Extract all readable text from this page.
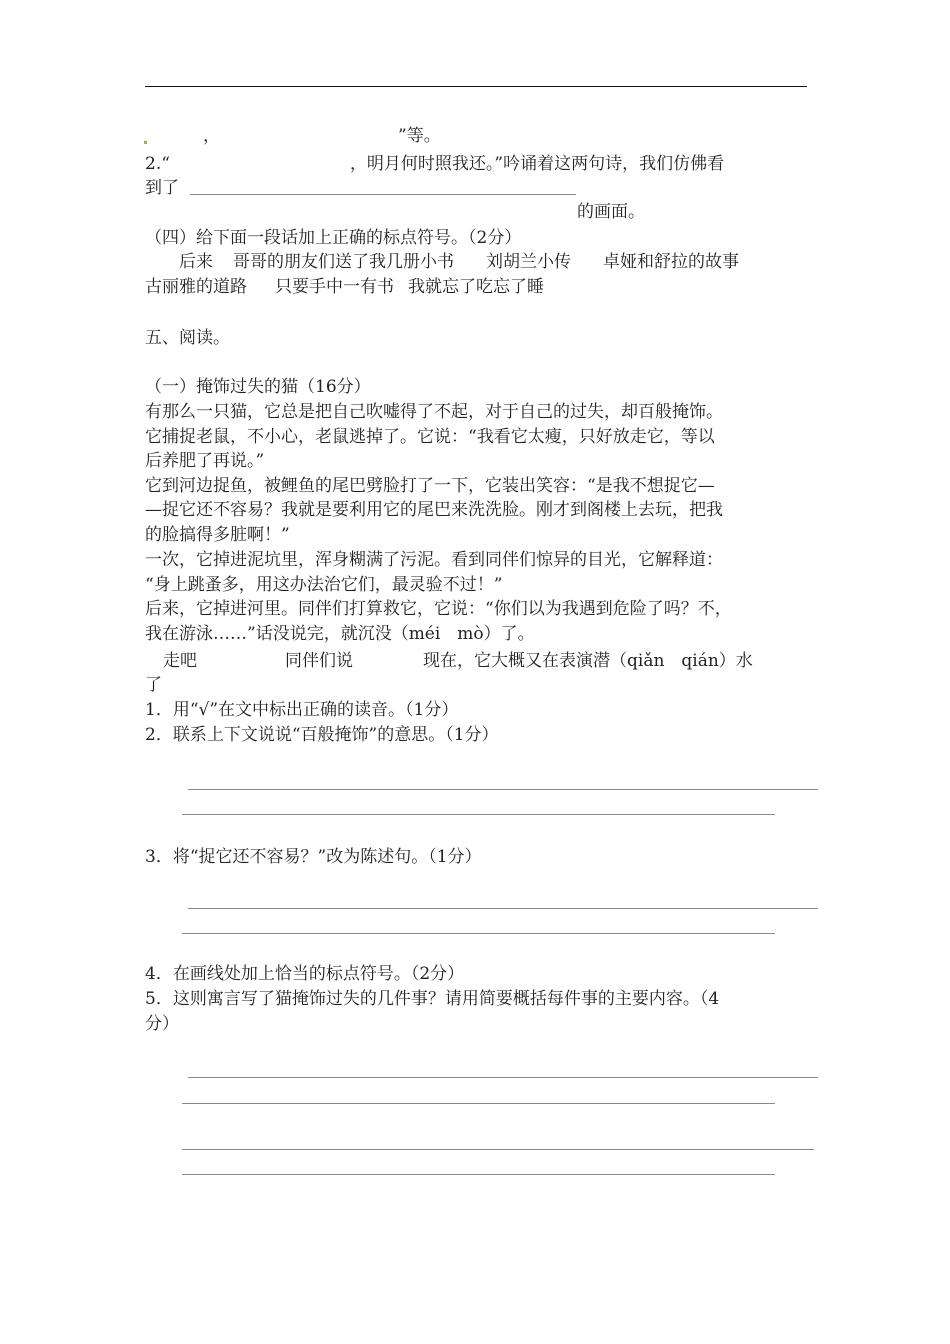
，	”等。
2.“	，明月何时照我还。”吟诵着这两句诗，我们仿佛看
到了
的画面。
（四）给下面一段话加上正确的标点符号。（2分）
后来 哥哥的朋友们送了我几册小书 刘胡兰小传 卓娅和舒拉的故事
古丽雅的道路 只要手中一有书 我就忘了吃忘了睡
五、阅读。
（一）掩饰过失的猫（16分）
有那么一只猫，它总是把自己吹嘘得了不起，对于自己的过失，却百般掩饰。
它捕捉老鼠，不小心，老鼠逃掉了。它说：“我看它太瘦，只好放走它，等以
后养肥了再说。”
它到河边捉鱼，被鲤鱼的尾巴劈脸打了一下，它装出笑容：“是我不想捉它—
—捉它还不容易？我就是要利用它的尾巴来洗洗脸。刚才到阁楼上去玩，把我
的脸搞得多脏啊！”
一次，它掉进泥坑里，浑身糊满了污泥。看到同伴们惊异的目光，它解释道：
“身上跳蚤多，用这办法治它们，最灵验不过！”
后来，它掉进河里。同伴们打算救它，它说：“你们以为我遇到危险了吗？不，
我在游泳……”话没说完，就沉没（méi　mò）了。
走吧	同伴们说	现在，它大概又在表演潜（qiǎn　qián）水
了
1．用“√”在文中标出正确的读音。（1分）
2．联系上下文说说“百般掩饰”的意思。（1分）
3．将“捉它还不容易？”改为陈述句。（1分）
4．在画线处加上恰当的标点符号。（2分）
5．这则寓言写了猫掩饰过失的几件事？请用简要概括每件事的主要内容。（4
分）
